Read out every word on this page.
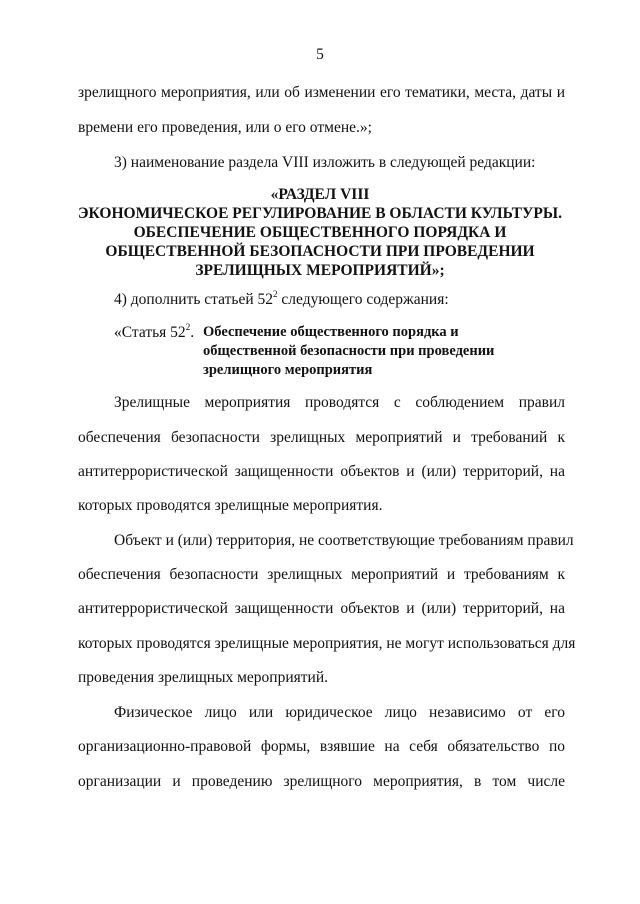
5
зрелищного мероприятия, или об изменении его тематики, места, даты и
времени его проведения, или о его отмене.»;
3) наименование раздела VIII изложить в следующей редакции:
«РАЗДЕЛ VIII
ЭКОНОМИЧЕСКОЕ РЕГУЛИРОВАНИЕ В ОБЛАСТИ КУЛЬТУРЫ.
ОБЕСПЕЧЕНИЕ ОБЩЕСТВЕННОГО ПОРЯДКА И
ОБЩЕСТВЕННОЙ БЕЗОПАСНОСТИ ПРИ ПРОВЕДЕНИИ
ЗРЕЛИЩНЫХ МЕРОПРИЯТИЙ»;
4) дополнить статьей $52^2$ следующего содержания:
«Статья $52^2$. Обеспечение общественного порядка и
общественной безопасности при проведении
зрелищного мероприятия
Зрелищные мероприятия проводятся с соблюдением правил
обеспечения безопасности зрелищных мероприятий и требований к
антитеррористической защищенности объектов и (или) территорий, на
которых проводятся зрелищные мероприятия.
Объект и (или) территория, не соответствующие требованиям правил
обеспечения безопасности зрелищных мероприятий и требованиям к
антитеррористической защищенности объектов и (или) территорий, на
которых проводятся зрелищные мероприятия, не могут использоваться для
проведения зрелищных мероприятий.
Физическое лицо или юридическое лицо независимо от его
организационно-правовой формы, взявшие на себя обязательство по
организации и проведению зрелищного мероприятия, в том числе
